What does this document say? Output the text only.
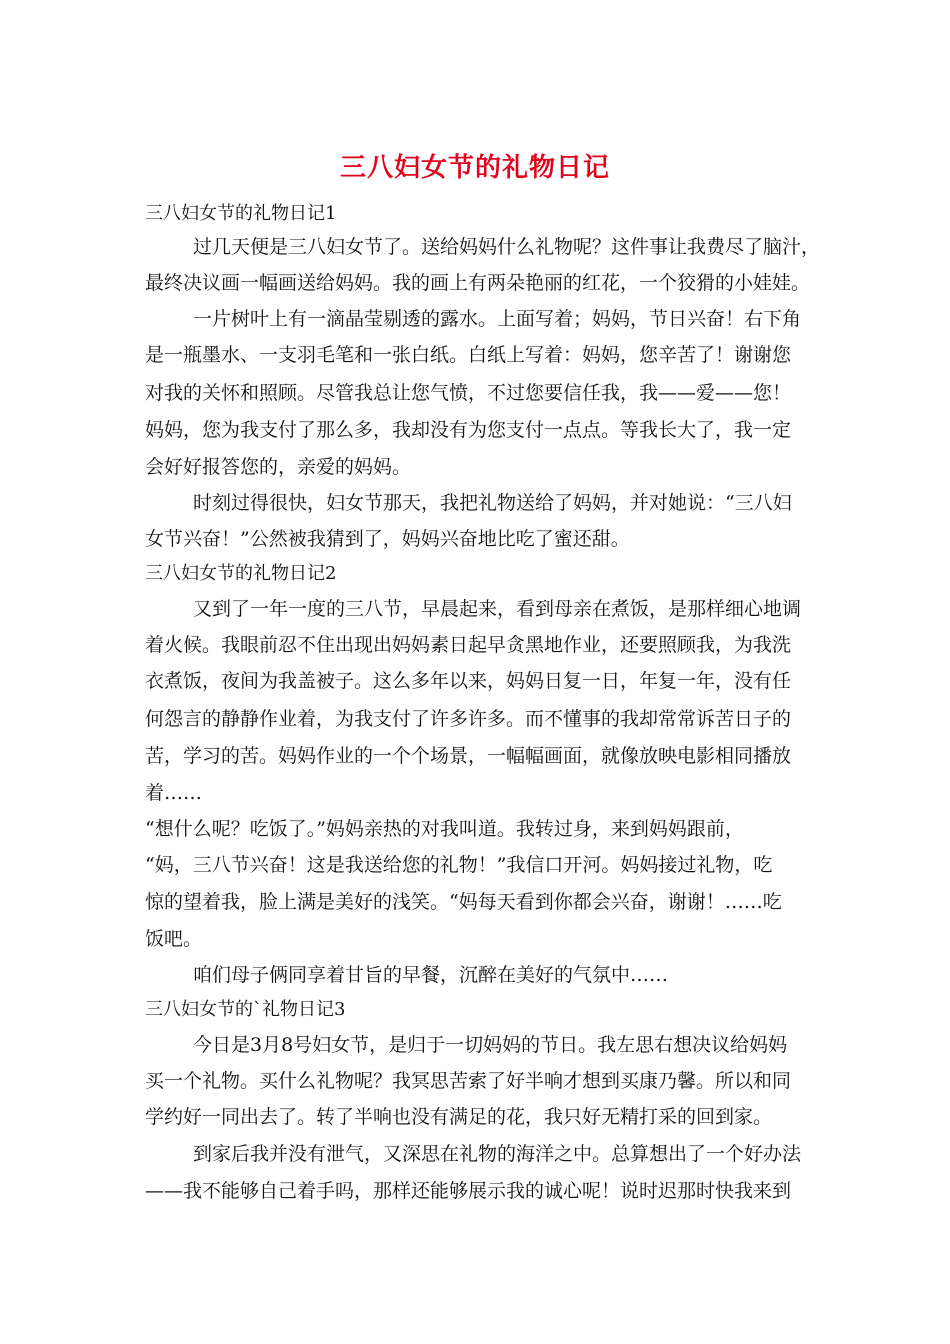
三八妇女节的礼物日记
三八妇女节的礼物日记1
过几天便是三八妇女节了。送给妈妈什么礼物呢？这件事让我费尽了脑汁，
最终决议画一幅画送给妈妈。我的画上有两朵艳丽的红花，一个狡猾的小娃娃。
一片树叶上有一滴晶莹剔透的露水。上面写着；妈妈，节日兴奋！右下角
是一瓶墨水、一支羽毛笔和一张白纸。白纸上写着：妈妈，您辛苦了！谢谢您
对我的关怀和照顾。尽管我总让您气愤，不过您要信任我，我——爱——您！
妈妈，您为我支付了那么多，我却没有为您支付一点点。等我长大了，我一定
会好好报答您的，亲爱的妈妈。
时刻过得很快，妇女节那天，我把礼物送给了妈妈，并对她说：“三八妇
女节兴奋！”公然被我猜到了，妈妈兴奋地比吃了蜜还甜。
三八妇女节的礼物日记2
又到了一年一度的三八节，早晨起来，看到母亲在煮饭，是那样细心地调
着火候。我眼前忍不住出现出妈妈素日起早贪黑地作业，还要照顾我，为我洗
衣煮饭，夜间为我盖被子。这么多年以来，妈妈日复一日，年复一年，没有任
何怨言的静静作业着，为我支付了许多许多。而不懂事的我却常常诉苦日子的
苦，学习的苦。妈妈作业的一个个场景，一幅幅画面，就像放映电影相同播放
着……
“想什么呢？吃饭了。”妈妈亲热的对我叫道。我转过身，来到妈妈跟前，
“妈，三八节兴奋！这是我送给您的礼物！”我信口开河。妈妈接过礼物，吃
惊的望着我，脸上满是美好的浅笑。“妈每天看到你都会兴奋，谢谢！……吃
饭吧。
咱们母子俩同享着甘旨的早餐，沉醉在美好的气氛中……
三八妇女节的`礼物日记3
今日是3月8号妇女节，是归于一切妈妈的节日。我左思右想决议给妈妈
买一个礼物。买什么礼物呢？我冥思苦索了好半响才想到买康乃馨。所以和同
学约好一同出去了。转了半响也没有满足的花，我只好无精打采的回到家。
到家后我并没有泄气，又深思在礼物的海洋之中。总算想出了一个好办法
——我不能够自己着手吗，那样还能够展示我的诚心呢！说时迟那时快我来到
